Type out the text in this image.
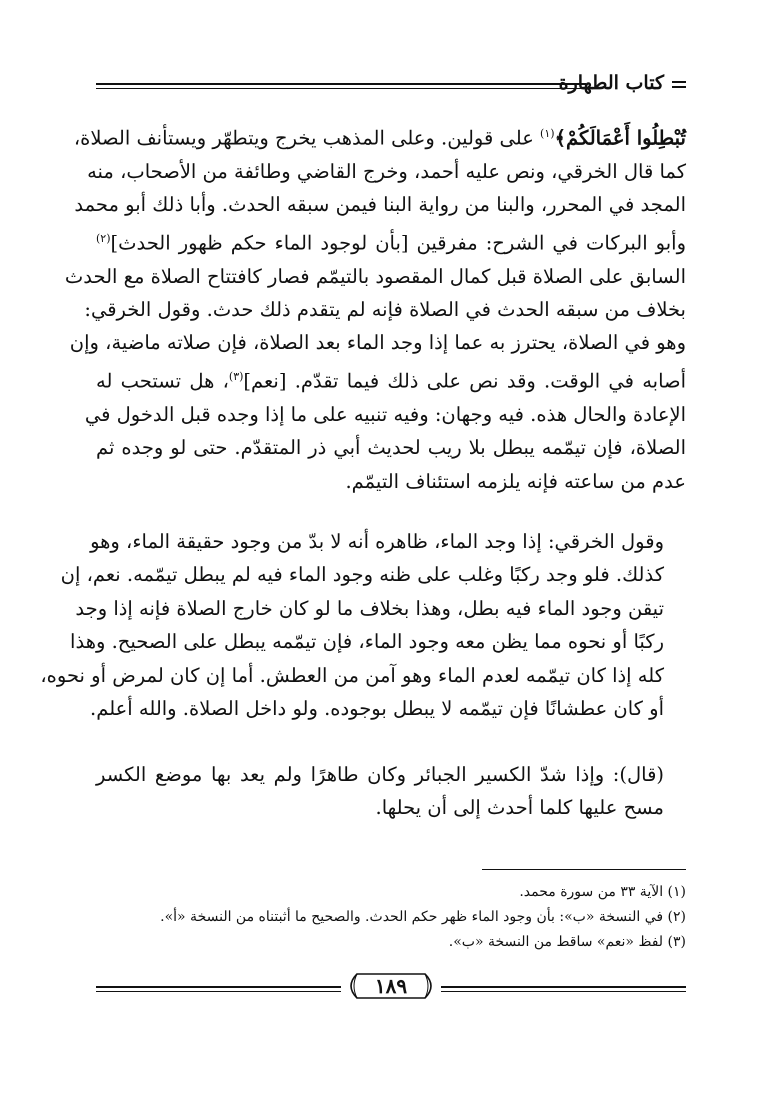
كتاب الطهارة
تُبْطِلُوا أَعْمَالَكُمْ﴾$^{(١)}$ على قولين. وعلى المذهب يخرج ويتطهّر ويستأنف الصلاة،
كما قال الخرقي، ونص عليه أحمد، وخرج القاضي وطائفة من الأصحاب، منه
المجد في المحرر، والبنا من رواية البنا فيمن سبقه الحدث. وأبا ذلك أبو محمد
وأبو البركات في الشرح: مفرقين [بأن لوجود الماء حكم ظهور الحدث]$^{(٢)}$
السابق على الصلاة قبل كمال المقصود بالتيمّم فصار كافتتاح الصلاة مع الحدث
بخلاف من سبقه الحدث في الصلاة فإنه لم يتقدم ذلك حدث. وقول الخرقي:
وهو في الصلاة، يحترز به عما إذا وجد الماء بعد الصلاة، فإن صلاته ماضية، وإن
أصابه في الوقت. وقد نص على ذلك فيما تقدّم. [نعم]$^{(٣)}$، هل تستحب له
الإعادة والحال هذه. فيه وجهان: وفيه تنبيه على ما إذا وجده قبل الدخول في
الصلاة، فإن تيمّمه يبطل بلا ريب لحديث أبي ذر المتقدّم. حتى لو وجده ثم
عدم من ساعته فإنه يلزمه استئناف التيمّم.
وقول الخرقي: إذا وجد الماء، ظاهره أنه لا بدّ من وجود حقيقة الماء، وهو
كذلك. فلو وجد ركبًا وغلب على ظنه وجود الماء فيه لم يبطل تيمّمه. نعم، إن
تيقن وجود الماء فيه بطل، وهذا بخلاف ما لو كان خارج الصلاة فإنه إذا وجد
ركبًا أو نحوه مما يظن معه وجود الماء، فإن تيمّمه يبطل على الصحيح. وهذا
كله إذا كان تيمّمه لعدم الماء وهو آمن من العطش. أما إن كان لمرض أو نحوه،
أو كان عطشانًا فإن تيمّمه لا يبطل بوجوده. ولو داخل الصلاة. والله أعلم.
(قال): وإذا شدّ الكسير الجبائر وكان طاهرًا ولم يعد بها موضع الكسر
مسح عليها كلما أحدث إلى أن يحلها.
(١) الآية ٣٣ من سورة محمد.
(٢) في النسخة «ب»: بأن وجود الماء ظهر حكم الحدث. والصحيح ما أثبتناه من النسخة «أ».
(٣) لفظ «نعم» ساقط من النسخة «ب».
١٨٩
